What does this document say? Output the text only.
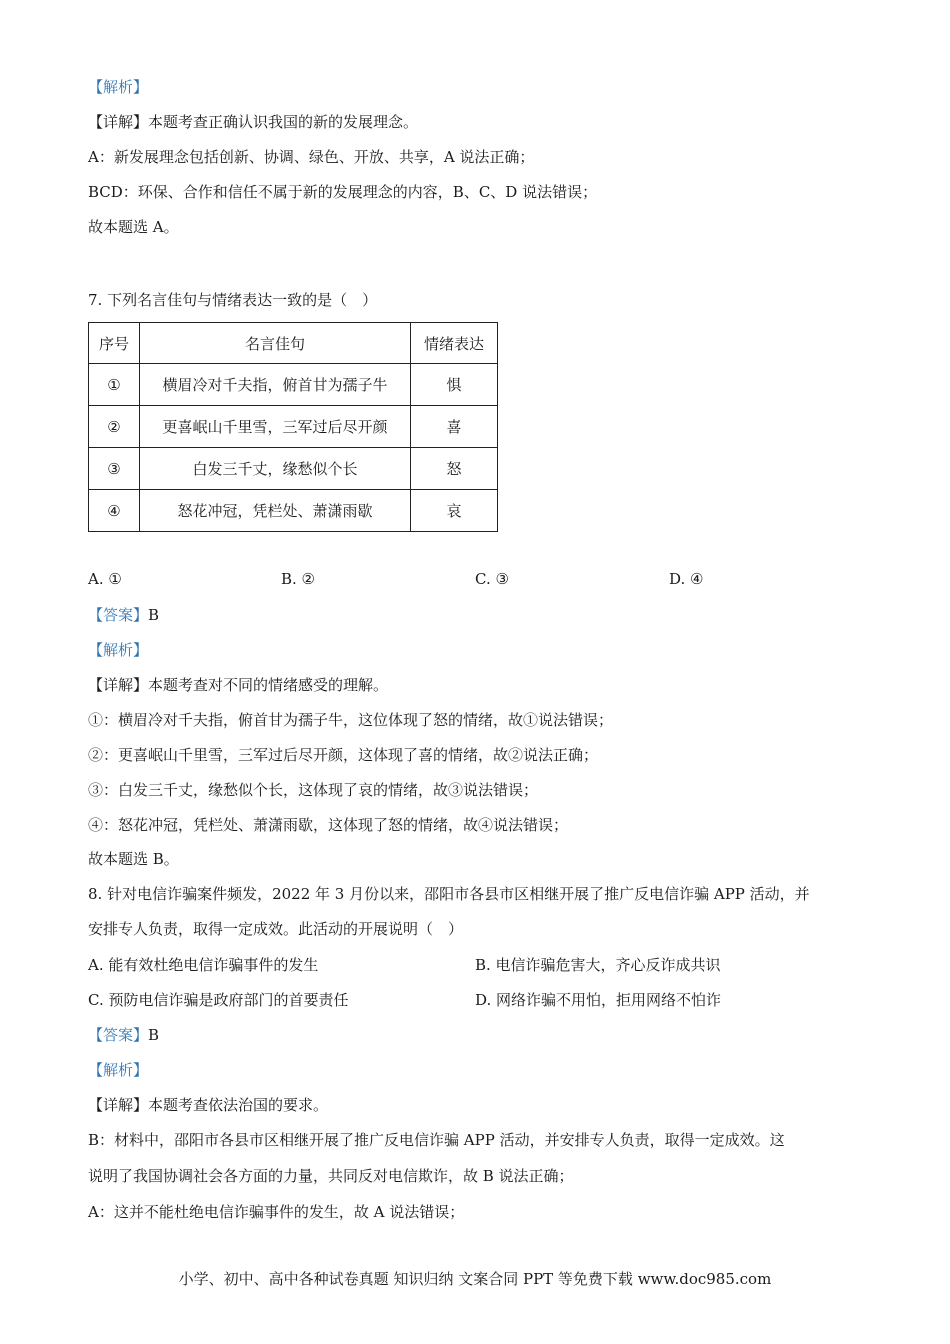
【解析】
【详解】本题考查正确认识我国的新的发展理念。
A：新发展理念包括创新、协调、绿色、开放、共享，A 说法正确；
BCD：环保、合作和信任不属于新的发展理念的内容，B、C、D 说法错误；
故本题选 A。
7. 下列名言佳句与情绪表达一致的是（　）
序号	名言佳句	情绪表达
①	横眉冷对千夫指，俯首甘为孺子牛	惧
②	更喜岷山千里雪，三军过后尽开颜	喜
③	白发三千丈，缘愁似个长	怒
④	怒花冲冠，凭栏处、萧潇雨歇	哀
A. ①	B. ②	C. ③	D. ④
【答案】B
【解析】
【详解】本题考查对不同的情绪感受的理解。
①：横眉冷对千夫指，俯首甘为孺子牛，这位体现了怒的情绪，故①说法错误；
②：更喜岷山千里雪，三军过后尽开颜，这体现了喜的情绪，故②说法正确；
③：白发三千丈，缘愁似个长，这体现了哀的情绪，故③说法错误；
④：怒花冲冠，凭栏处、萧潇雨歇，这体现了怒的情绪，故④说法错误；
故本题选 B。
8. 针对电信诈骗案件频发，2022 年 3 月份以来，邵阳市各县市区相继开展了推广反电信诈骗 APP 活动，并
安排专人负责，取得一定成效。此活动的开展说明（　）
A. 能有效杜绝电信诈骗事件的发生	B. 电信诈骗危害大，齐心反诈成共识
C. 预防电信诈骗是政府部门的首要责任	D. 网络诈骗不用怕，拒用网络不怕诈
【答案】B
【解析】
【详解】本题考查依法治国的要求。
B：材料中，邵阳市各县市区相继开展了推广反电信诈骗 APP 活动，并安排专人负责，取得一定成效。这
说明了我国协调社会各方面的力量，共同反对电信欺诈，故 B 说法正确；
A：这并不能杜绝电信诈骗事件的发生，故 A 说法错误；
小学、初中、高中各种试卷真题 知识归纳 文案合同 PPT 等免费下载 www.doc985.com
